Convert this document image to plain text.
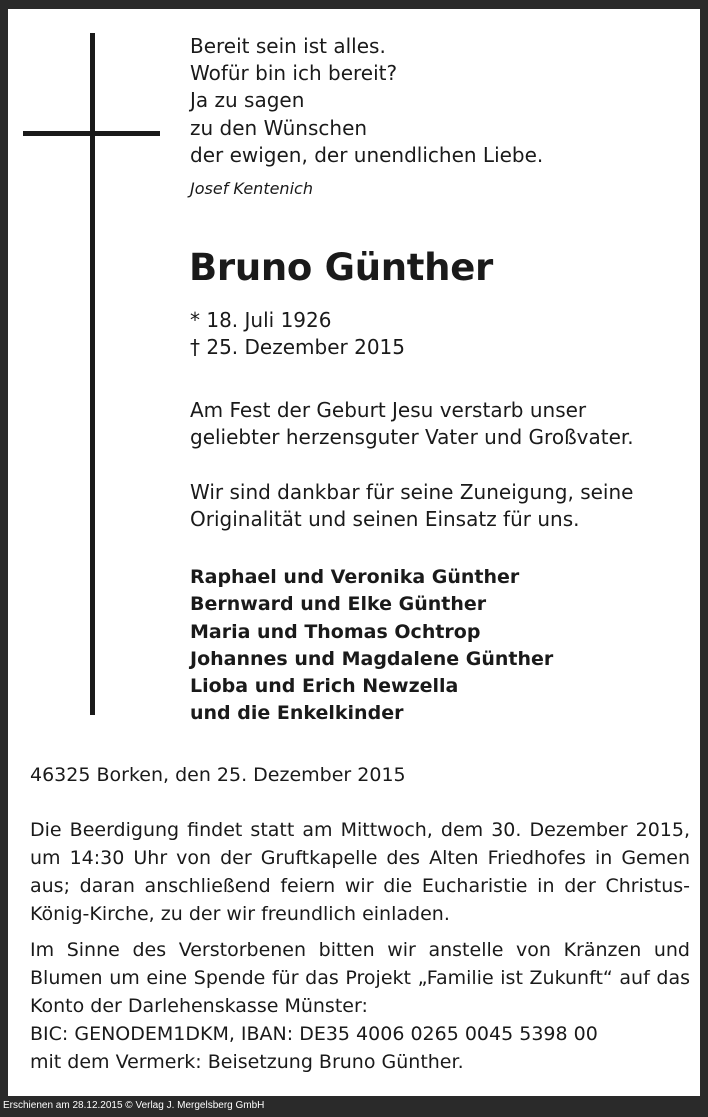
Bereit sein ist alles.
Wofür bin ich bereit?
Ja zu sagen
zu den Wünschen
der ewigen, der unendlichen Liebe.
Josef Kentenich
Bruno Günther
* 18. Juli 1926
† 25. Dezember 2015
Am Fest der Geburt Jesu verstarb unser
geliebter herzensguter Vater und Großvater.
Wir sind dankbar für seine Zuneigung, seine
Originalität und seinen Einsatz für uns.
Raphael und Veronika Günther
Bernward und Elke Günther
Maria und Thomas Ochtrop
Johannes und Magdalene Günther
Lioba und Erich Newzella
und die Enkelkinder
46325 Borken, den 25. Dezember 2015
Die Beerdigung findet statt am Mittwoch, dem 30. Dezember 2015, um 14:30 Uhr von der Gruftkapelle des Alten Friedhofes in Gemen aus; daran anschließend feiern wir die Eucharistie in der Christus-König-Kirche, zu der wir freundlich einladen.
Im Sinne des Verstorbenen bitten wir anstelle von Kränzen und Blumen um eine Spende für das Projekt „Familie ist Zukunft“ auf das Konto der Darlehenskasse Münster:
BIC: GENODEM1DKM, IBAN: DE35 4006 0265 0045 5398 00
mit dem Vermerk: Beisetzung Bruno Günther.
Erschienen am 28.12.2015 © Verlag J. Mergelsberg GmbH
